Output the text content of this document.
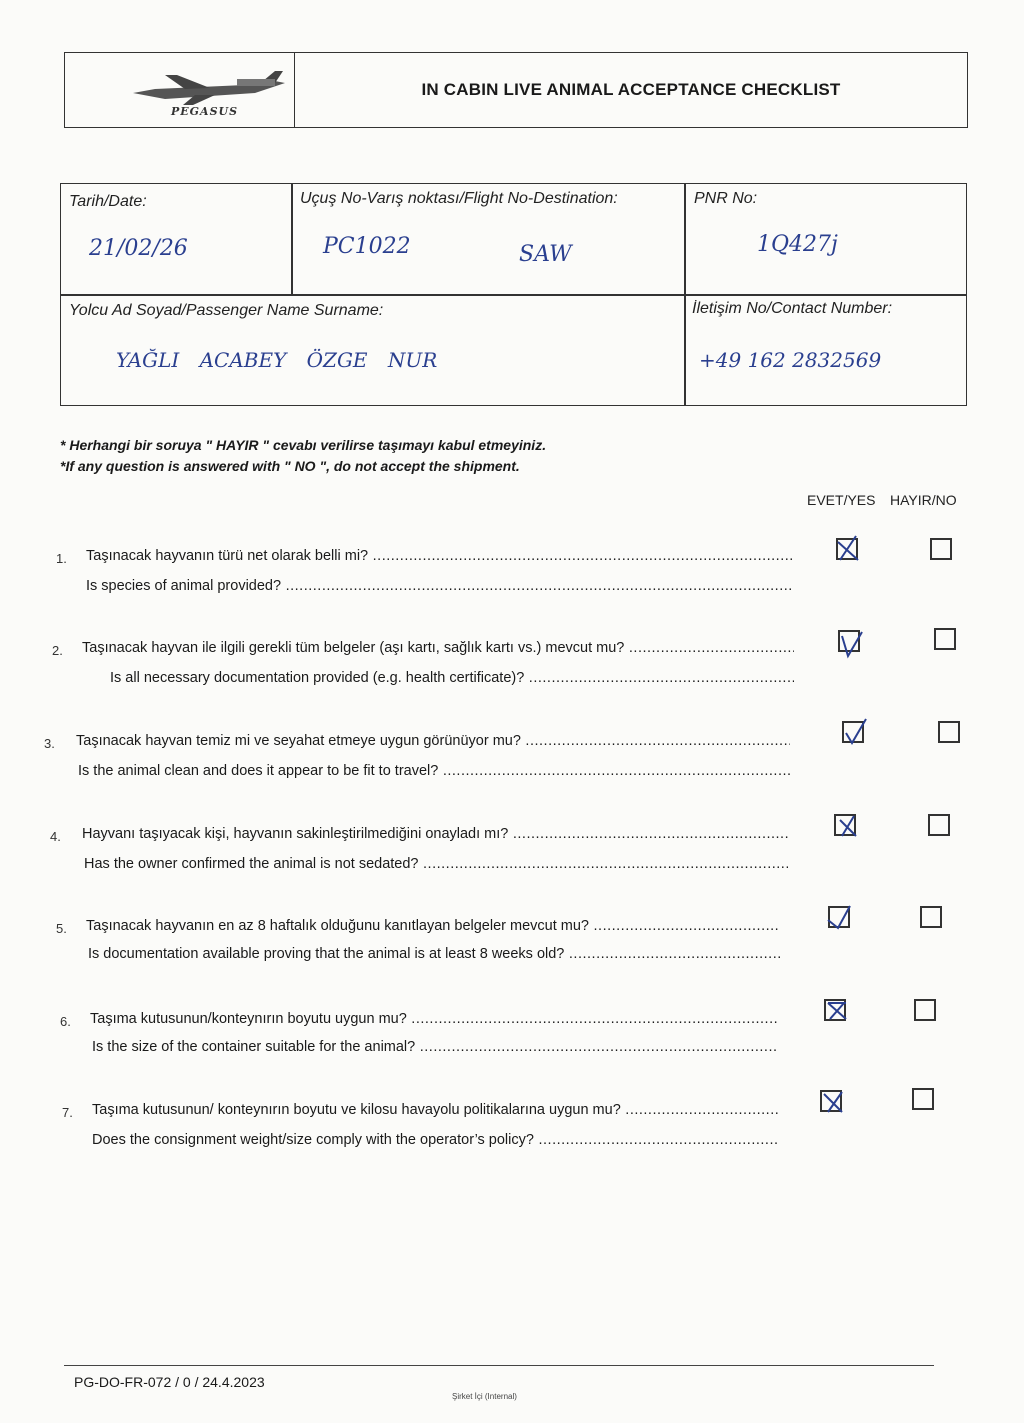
PEGASUS
IN CABIN LIVE ANIMAL ACCEPTANCE CHECKLIST
Tarih/Date:
21/02/26
Uçuş No-Varış noktası/Flight No-Destination:
PC1022	SAW
PNR No:
1Q427j
Yolcu Ad Soyad/Passenger Name Surname:
YAĞLI ACABEY ÖZGE NUR
İletişim No/Contact Number:
+49 162 2832569
* Herhangi bir soruya " HAYIR " cevabı verilirse taşımayı kabul etmeyiniz.
*If any question is answered with " NO ", do not accept the shipment.
EVET/YES HAYIR/NO
1. Taşınacak hayvanın türü net olarak belli mi? .....
Is species of animal provided? .....
2. Taşınacak hayvan ile ilgili gerekli tüm belgeler (aşı kartı, sağlık kartı vs.) mevcut mu? .....
Is all necessary documentation provided (e.g. health certificate)? .....
3. Taşınacak hayvan temiz mi ve seyahat etmeye uygun görünüyor mu? .....
Is the animal clean and does it appear to be fit to travel? .....
4. Hayvanı taşıyacak kişi, hayvanın sakinleştirilmediğini onayladı mı? .....
Has the owner confirmed the animal is not sedated? .....
5. Taşınacak hayvanın en az 8 haftalık olduğunu kanıtlayan belgeler mevcut mu? .....
Is documentation available proving that the animal is at least 8 weeks old? .....
6. Taşıma kutusunun/konteynırın boyutu uygun mu? .....
Is the size of the container suitable for the animal? .....
7. Taşıma kutusunun/ konteynırın boyutu ve kilosu havayolu politikalarına uygun mu? .....
Does the consignment weight/size comply with the operator’s policy? .....
PG-DO-FR-072 / 0 / 24.4.2023
Şirket İçi (Internal)
